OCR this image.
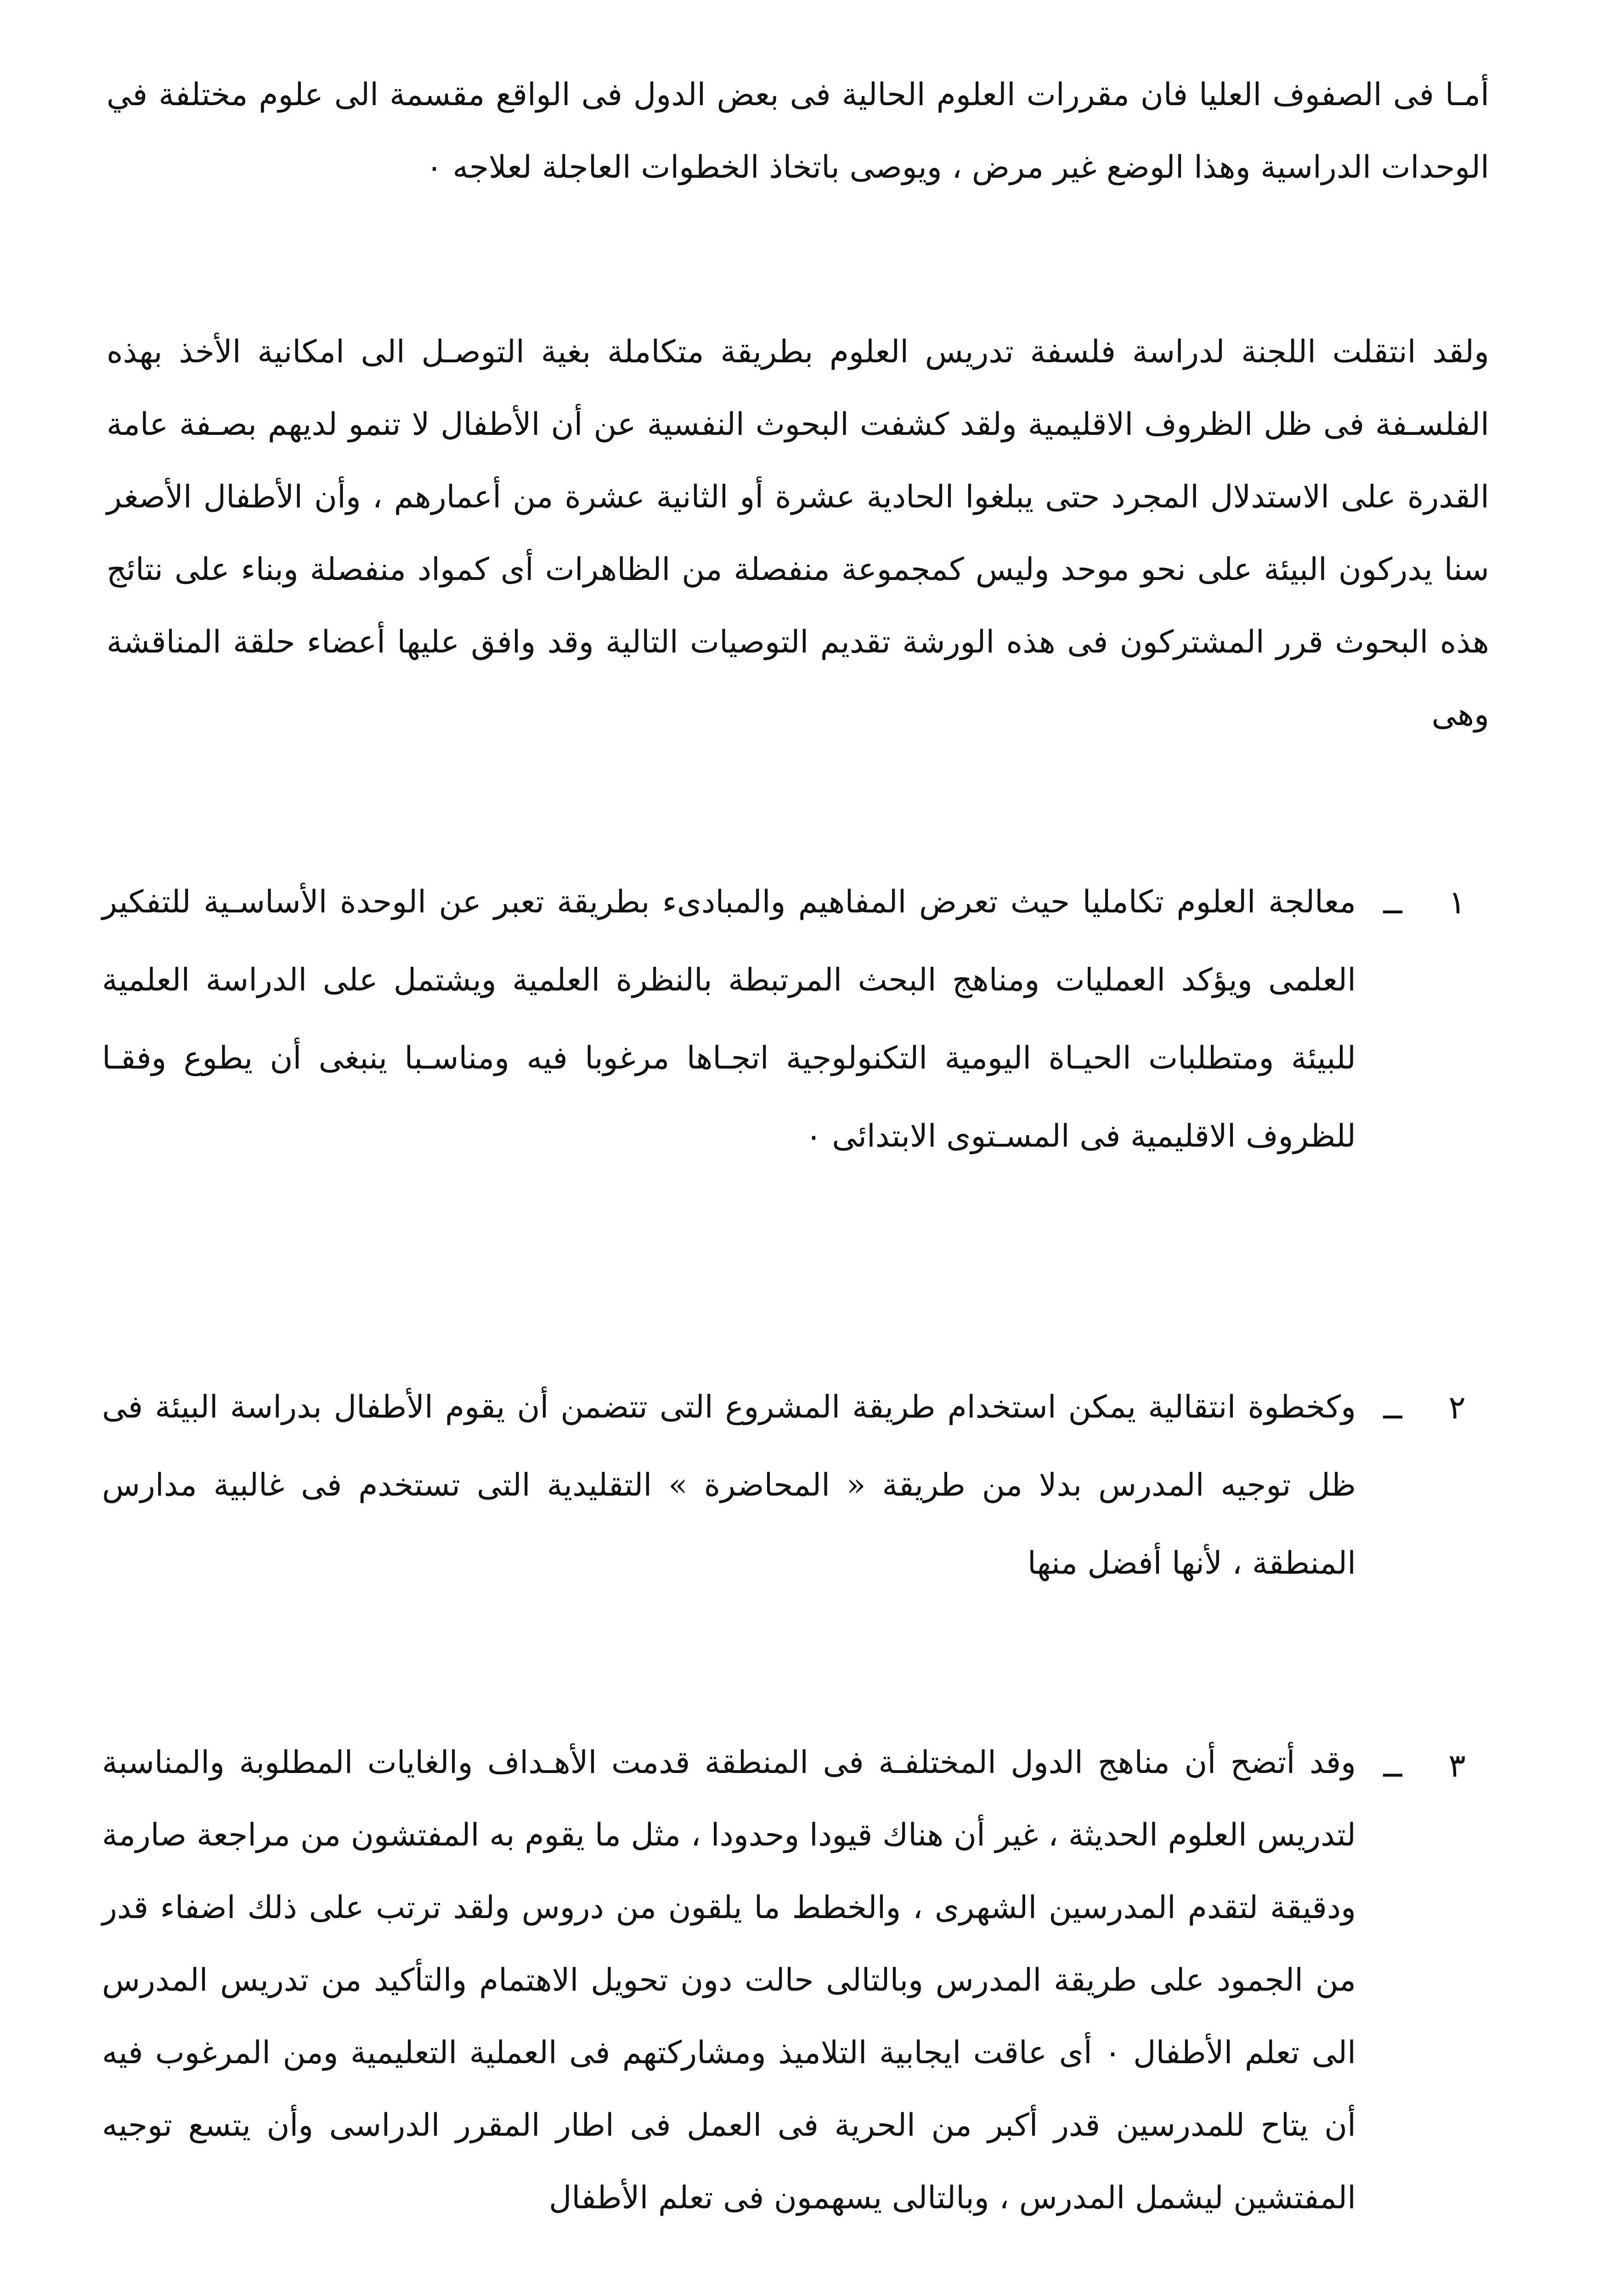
أمـا فى الصفوف العليا فان مقررات العلوم الحالية فى بعض الدول فى الواقع مقسمة الى علوم مختلفة في الوحدات الدراسية وهذا الوضع غير مرض ، ويوصى باتخاذ الخطوات العاجلة لعلاجه ٠

ولقد انتقلت اللجنة لدراسة فلسفة تدريس العلوم بطريقة متكاملة بغية التوصـل الى امكانية الأخذ بهذه الفلسـفة فى ظل الظروف الاقليمية ولقد كشفت البحوث النفسية عن أن الأطفال لا تنمو لديهم بصـفة عامة القدرة على الاستدلال المجرد حتى يبلغوا الحادية عشرة أو الثانية عشرة من أعمارهم ، وأن الأطفال الأصغر سنا يدركون البيئة على نحو موحد وليس كمجموعة منفصلة من الظاهرات أى كمواد منفصلة وبناء على نتائج هذه البحوث قرر المشتركون فى هذه الورشة تقديم التوصيات التالية وقد وافق عليها أعضاء حلقة المناقشة وهى

١
ــ
معالجة العلوم تكامليا حيث تعرض المفاهيم والمبادىء بطريقة تعبر عن الوحدة الأساسـية للتفكير العلمى ويؤكد العمليات ومناهج البحث المرتبطة بالنظرة العلمية ويشتمل على الدراسة العلمية للبيئة ومتطلبات الحيـاة اليومية التكنولوجية اتجـاها مرغوبا فيه ومناسـبا ينبغى أن يطوع وفقـا للظروف الاقليمية فى المسـتوى الابتدائى ٠
٢
ــ
وكخطوة انتقالية يمكن استخدام طريقة المشروع التى تتضمن أن يقوم الأطفال بدراسة البيئة فى ظل توجيه المدرس بدلا من طريقة « المحاضرة » التقليدية التى تستخدم فى غالبية مدارس المنطقة ، لأنها أفضل منها
٣
ــ
وقد أتضح أن مناهج الدول المختلفـة فى المنطقة قدمت الأهـداف والغايات المطلوبة والمناسبة لتدريس العلوم الحديثة ، غير أن هناك قيودا وحدودا ، مثل ما يقوم به المفتشون من مراجعة صارمة ودقيقة لتقدم المدرسين الشهرى ، والخطط ما يلقون من دروس ولقد ترتب على ذلك اضفاء قدر من الجمود على طريقة المدرس وبالتالى حالت دون تحويل الاهتمام والتأكيد من تدريس المدرس الى تعلم الأطفال ٠ أى عاقت ايجابية التلاميذ ومشاركتهم فى العملية التعليمية ومن المرغوب فيه أن يتاح للمدرسين قدر أكبر من الحرية فى العمل فى اطار المقرر الدراسى وأن يتسع توجيه المفتشين ليشمل المدرس ، وبالتالى يسهمون فى تعلم الأطفال
